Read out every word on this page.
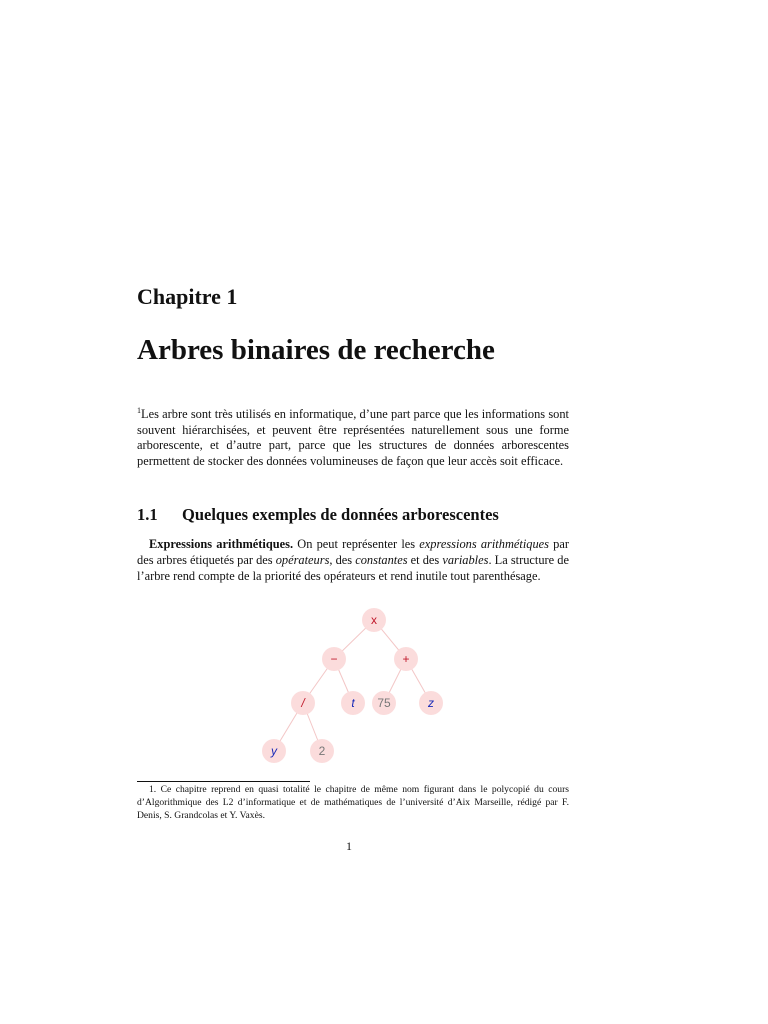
Chapitre 1
Arbres binaires de recherche
$^1$Les arbre sont très utilisés en informatique, d’une part parce que les informations sont souvent hiérarchisées, et peuvent être représentées naturellement sous une forme arborescente, et d’autre part, parce que les structures de données arborescentes permettent de stocker des données volumineuses de façon que leur accès soit efficace.
1.1 Quelques exemples de données arborescentes
Expressions arithmétiques. On peut représenter les expressions arithmétiques par des arbres étiquetés par des opérateurs, des constantes et des variables. La structure de l’arbre rend compte de la priorité des opérateurs et rend inutile tout parenthésage.
x
−	+
/	t 75	z
y	2
1. Ce chapitre reprend en quasi totalité le chapitre de même nom figurant dans le polycopié du cours d’Algorithmique des L2 d’informatique et de mathématiques de l’université d’Aix Marseille, rédigé par F. Denis, S. Grandcolas et Y. Vaxès.
1
